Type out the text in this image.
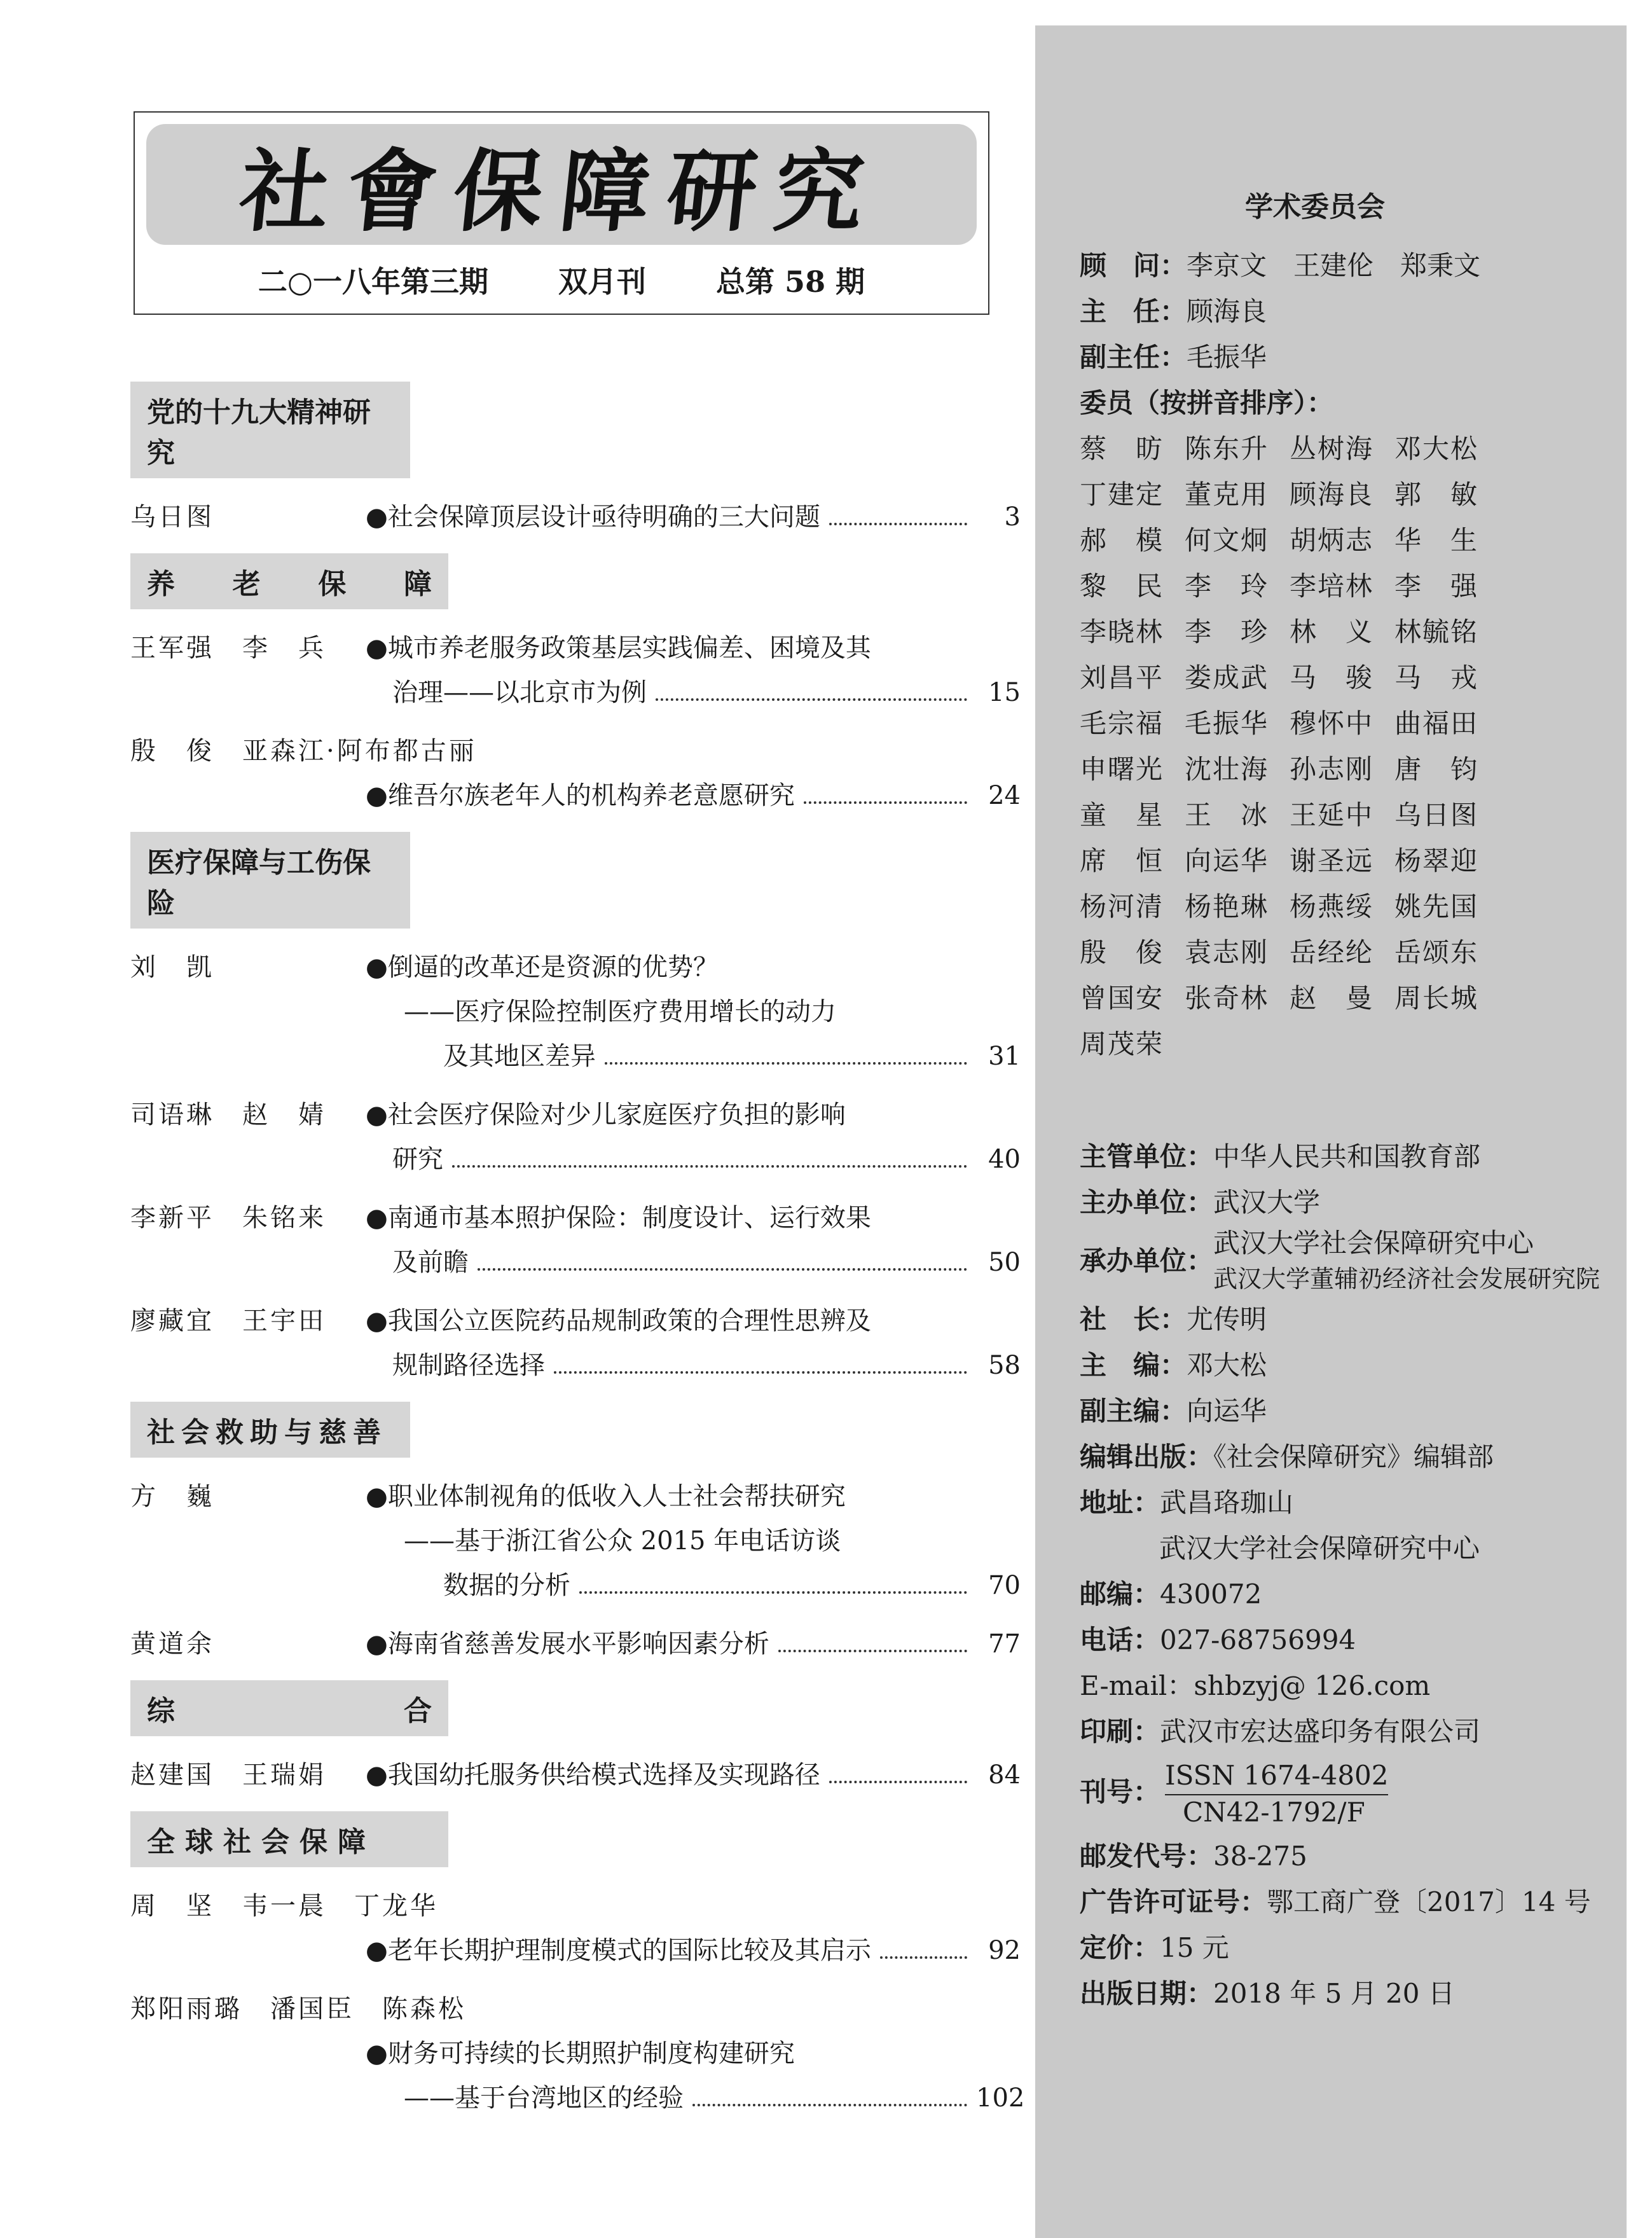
社會保障研究
二○一八年第三期 双月刊 总第 58 期
党的十九大精神研究
乌日图	●社会保障顶层设计亟待明确的三大问题	3
养 老 保 障
王军强　李　兵	●城市养老服务政策基层实践偏差、困境及其
治理——以北京市为例	15
殷　俊　亚森江·阿布都古丽
●维吾尔族老年人的机构养老意愿研究	24
医疗保障与工伤保险
刘　凯	●倒逼的改革还是资源的优势？
——医疗保险控制医疗费用增长的动力
及其地区差异	31
司语琳　赵　婧	●社会医疗保险对少儿家庭医疗负担的影响
研究	40
李新平　朱铭来	●南通市基本照护保险：制度设计、运行效果
及前瞻	50
廖藏宜　王宇田	●我国公立医院药品规制政策的合理性思辨及
规制路径选择	58
社会救助与慈善
方　巍	●职业体制视角的低收入人士社会帮扶研究
——基于浙江省公众 2015 年电话访谈
数据的分析	70
黄道余	●海南省慈善发展水平影响因素分析	77
综	合
赵建国　王瑞娟	●我国幼托服务供给模式选择及实现路径	84
全球社会保障
周　坚　韦一晨　丁龙华
●老年长期护理制度模式的国际比较及其启示	92
郑阳雨璐　潘国臣　陈森松
●财务可持续的长期照护制度构建研究
——基于台湾地区的经验	102
学术委员会
顾　问：李京文　王建伦　郑秉文
主　任：顾海良
副主任：毛振华
委员（按拼音排序）：
蔡　昉 陈东升 丛树海 邓大松
丁建定 董克用 顾海良 郭　敏
郝　模 何文炯 胡炳志 华　生
黎　民 李　玲 李培林 李　强
李晓林 李　珍 林　义 林毓铭
刘昌平 娄成武 马　骏 马　戎
毛宗福 毛振华 穆怀中 曲福田
申曙光 沈壮海 孙志刚 唐　钧
童　星 王　冰 王延中 乌日图
席　恒 向运华 谢圣远 杨翠迎
杨河清 杨艳琳 杨燕绥 姚先国
殷　俊 袁志刚 岳经纶 岳颂东
曾国安 张奇林 赵　曼 周长城
周茂荣
主管单位：中华人民共和国教育部
主办单位：武汉大学
承办单位：
武汉大学社会保障研究中心
武汉大学董辅礽经济社会发展研究院
社　长：尤传明
主　编：邓大松
副主编：向运华
编辑出版：《社会保障研究》编辑部
地址：武昌珞珈山
武汉大学社会保障研究中心
邮编：430072
电话：027-68756994
E-mail：shbzyj@ 126.com
印刷：武汉市宏达盛印务有限公司
刊号：
ISSN 1674-4802
CN42-1792/F
邮发代号：38-275
广告许可证号：鄂工商广登〔2017〕14 号
定价：15 元
出版日期：2018 年 5 月 20 日
